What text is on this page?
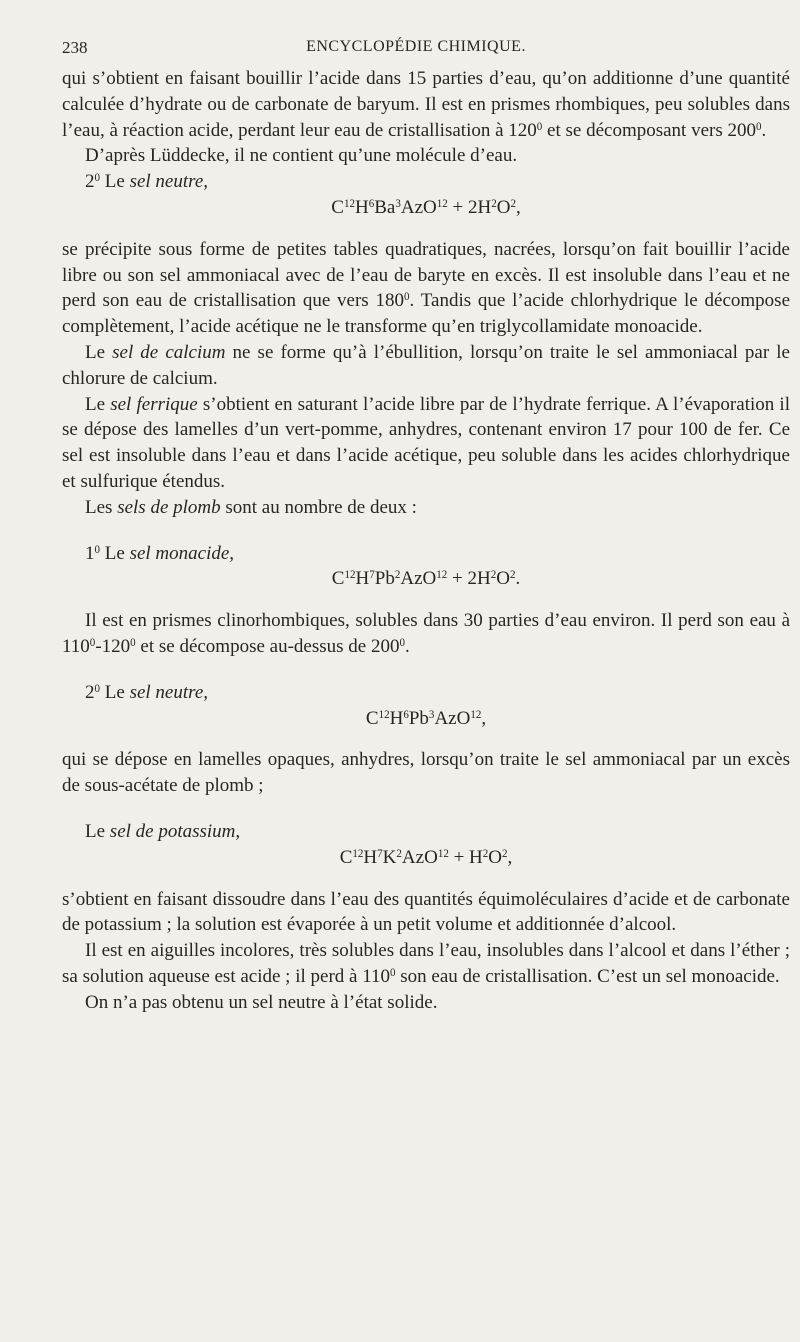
238	ENCYCLOPÉDIE CHIMIQUE.

qui s’obtient en faisant bouillir l’acide dans 15 parties d’eau, qu’on additionne d’une quantité calculée d’hydrate ou de carbonate de baryum. Il est en prismes rhombiques, peu solubles dans l’eau, à réaction acide, perdant leur eau de cristallisation à $120^0$ et se décomposant vers $200^0$.

D’après Lüddecke, il ne contient qu’une molécule d’eau.

$2^0$ Le sel neutre,

$C^{12}H^6Ba^3AzO^{12} + 2H^2O^2$,

se précipite sous forme de petites tables quadratiques, nacrées, lorsqu’on fait bouillir l’acide libre ou son sel ammoniacal avec de l’eau de baryte en excès. Il est insoluble dans l’eau et ne perd son eau de cristallisation que vers $180^0$. Tandis que l’acide chlorhydrique le décompose complètement, l’acide acétique ne le transforme qu’en triglycollamidate monoacide.

Le sel de calcium ne se forme qu’à l’ébullition, lorsqu’on traite le sel ammoniacal par le chlorure de calcium.

Le sel ferrique s’obtient en saturant l’acide libre par de l’hydrate ferrique. A l’évaporation il se dépose des lamelles d’un vert-pomme, anhydres, contenant environ 17 pour 100 de fer. Ce sel est insoluble dans l’eau et dans l’acide acétique, peu soluble dans les acides chlorhydrique et sulfurique étendus.

Les sels de plomb sont au nombre de deux :

$1^0$ Le sel monacide,

$C^{12}H^7Pb^2AzO^{12} + 2H^2O^2$.

Il est en prismes clinorhombiques, solubles dans 30 parties d’eau environ. Il perd son eau à $110^0-120^0$ et se décompose au-dessus de $200^0$.

$2^0$ Le sel neutre,

$C^{12}H^6Pb^3AzO^{12}$,

qui se dépose en lamelles opaques, anhydres, lorsqu’on traite le sel ammoniacal par un excès de sous-acétate de plomb ;

Le sel de potassium,

$C^{12}H^7K^2AzO^{12} + H^2O^2$,

s’obtient en faisant dissoudre dans l’eau des quantités équimoléculaires d’acide et de carbonate de potassium ; la solution est évaporée à un petit volume et additionnée d’alcool.

Il est en aiguilles incolores, très solubles dans l’eau, insolubles dans l’alcool et dans l’éther ; sa solution aqueuse est acide ; il perd à $110^0$ son eau de cristallisation. C’est un sel monoacide.

On n’a pas obtenu un sel neutre à l’état solide.
